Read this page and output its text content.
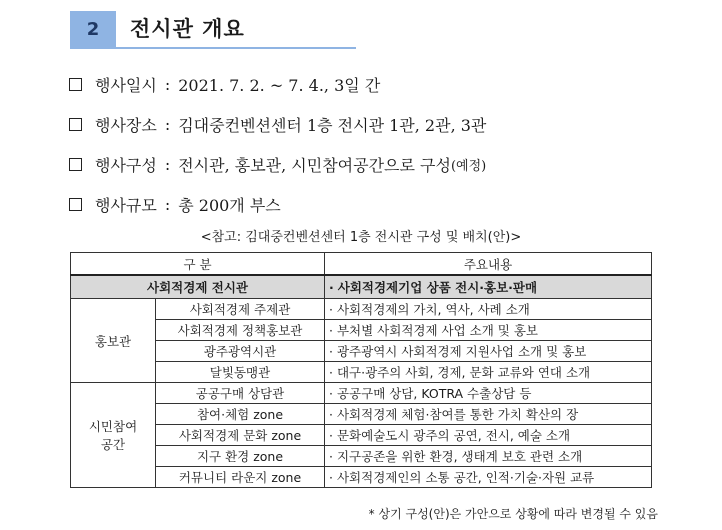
2	전시관 개요
행사일시 : 2021. 7. 2. ~ 7. 4., 3일 간
행사장소 : 김대중컨벤션센터 1층 전시관 1관, 2관, 3관
행사구성 : 전시관, 홍보관, 시민참여공간으로 구성 (예정)
행사규모 : 총 200개 부스
<참고: 김대중컨벤션센터 1층 전시관 구성 및 배치(안)>
구 분		주요내용
사회적경제 전시관		· 사회적경제기업 상품 전시·홍보·판매
홍보관	사회적경제 주제관	· 사회적경제의 가치, 역사, 사례 소개
	사회적경제 정책홍보관	· 부처별 사회적경제 사업 소개 및 홍보
	광주광역시관	· 광주광역시 사회적경제 지원사업 소개 및 홍보
	달빛동맹관	· 대구·광주의 사회, 경제, 문화 교류와 연대 소개
시민참여
공간	공공구매 상담관	· 공공구매 상담, KOTRA 수출상담 등
	참여·체험 zone	· 사회적경제 체험·참여를 통한 가치 확산의 장
	사회적경제 문화 zone	· 문화예술도시 광주의 공연, 전시, 예술 소개
	지구 환경 zone	· 지구공존을 위한 환경, 생태계 보호 관련 소개
	커뮤니티 라운지 zone	· 사회적경제인의 소통 공간, 인적·기술·자원 교류
* 상기 구성(안)은 가안으로 상황에 따라 변경될 수 있음
